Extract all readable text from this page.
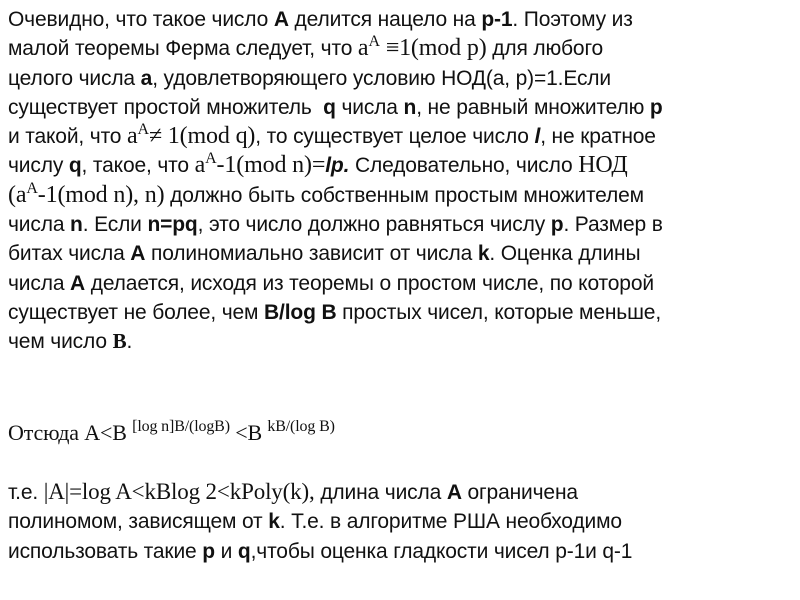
Очевидно, что такое число A делится нацело на p-1. Поэтому из
малой теоремы Ферма следует, что $a^A \equiv 1(mod$ p) для любого
целого числа a, удовлетворяющего условию НОД(a, p)=1.Если
существует простой множитель  q числа n, не равный множителю p
и такой, что $a^A\ne 1(mod$ q), то существует целое число l, не кратное
числу q, такое, что $a^A-1(mod$ n)=lp. Следовательно, число НОД
($a^A-1(mod$ n), n) должно быть собственным простым множителем
числа n. Если n=pq, это число должно равняться числу p. Размер в
битах числа A полиномиально зависит от числа k. Оценка длины
числа A делается, исходя из теоремы о простом числе, по которой
существует не более, чем B/log B простых чисел, которые меньше,
чем число B.
Отсюда A<B $^{[log n]B/(logB)}$ <B $^{kB/(log B)}$
т.е. |A|=log A<kBlog 2<kPoly(k), длина числа A ограничена
полиномом, зависящем от k. Т.е. в алгоритме РША необходимо
использовать такие p и q,чтобы оценка гладкости чисел p-1и q-1
